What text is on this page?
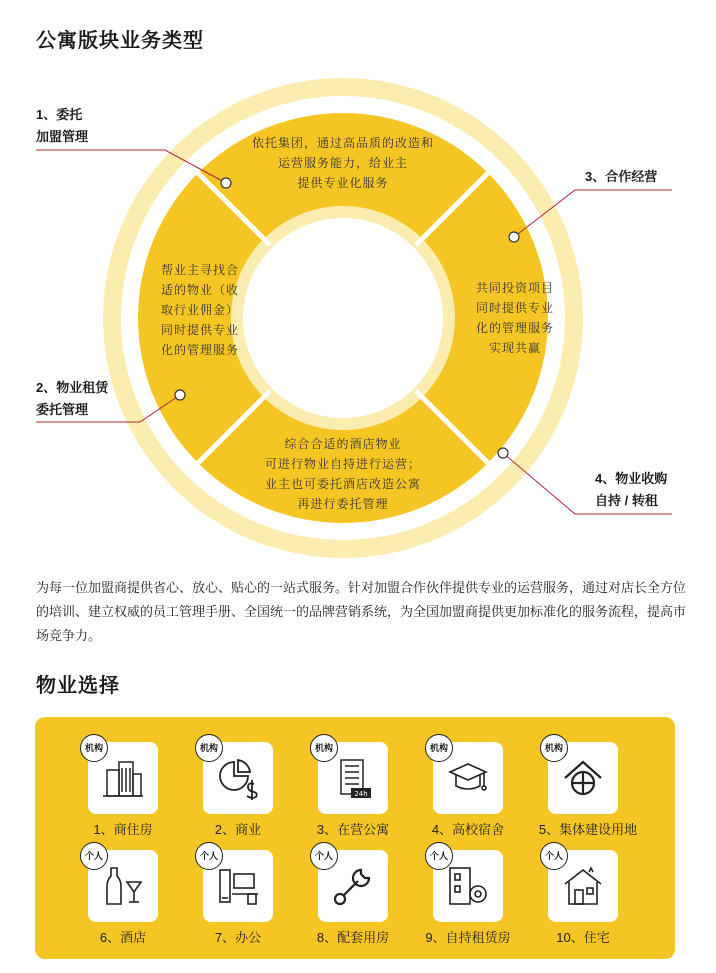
公寓版块业务类型
依托集团，通过高品质的改造和
运营服务能力，给业主
提供专业化服务
帮业主寻找合
适的物业（收
取行业佣金）
同时提供专业
化的管理服务
共同投资项目
同时提供专业
化的管理服务
实现共赢
综合合适的酒店物业
可进行物业自持进行运营；
业主也可委托酒店改造公寓
再进行委托管理
1、委托
加盟管理
2、物业租赁
委托管理
3、合作经营
4、物业收购
自持 / 转租
为每一位加盟商提供省心、放心、贴心的一站式服务。针对加盟合作伙伴提供专业的运营服务，通过对店长全方位的培训、建立权威的员工管理手册、全国统一的品牌营销系统，为全国加盟商提供更加标准化的服务流程，提高市场竞争力。
物业选择
机构	机构	机构
24h
机构	机构
个人	个人	个人	个人	个人
1、商住房	2、商业	3、在营公寓	4、高校宿舍	5、集体建设用地
6、酒店	7、办公	8、配套用房	9、自持租赁房	10、住宅
